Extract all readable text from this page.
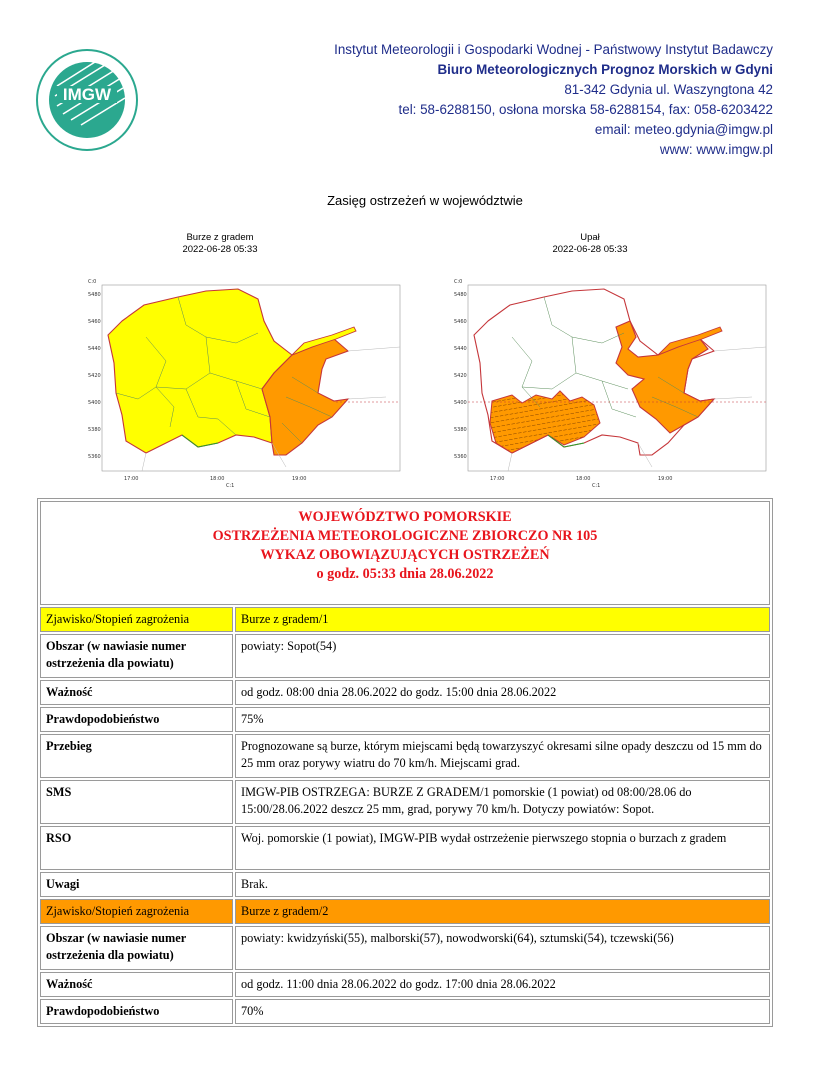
IMGW
Instytut Meteorologii i Gospodarki Wodnej - Państwowy Instytut Badawczy
Biuro Meteorologicznych Prognoz Morskich w Gdyni
81-342 Gdynia ul. Waszyngtona 42
tel: 58-6288150, osłona morska 58-6288154, fax: 058-6203422
email: meteo.gdynia@imgw.pl
www: www.imgw.pl
Zasięg ostrzeżeń w województwie
Burze z gradem
2022-06-28 05:33
Upał
2022-06-28 05:33
C:0
5480
5460
5440
5420
5400
5380
5360
17:00	18:00	19:00
C:1
C:0
5480
5460
5440
5420
5400
5380
5360
17:00	18:00	19:00
C:1
WOJEWÓDZTWO POMORSKIE
OSTRZEŻENIA METEOROLOGICZNE ZBIORCZO NR 105
WYKAZ OBOWIĄZUJĄCYCH OSTRZEŻEŃ
o godz. 05:33 dnia 28.06.2022	

Zjawisko/Stopień zagrożenia	Burze z gradem/1
Obszar (w nawiasie numer ostrzeżenia dla powiatu)	powiaty: Sopot(54)
Ważność	od godz. 08:00 dnia 28.06.2022 do godz. 15:00 dnia 28.06.2022
Prawdopodobieństwo	75%
Przebieg	Prognozowane są burze, którym miejscami będą towarzyszyć okresami silne opady deszczu od 15 mm do 25 mm oraz porywy wiatru do 70 km/h. Miejscami grad.
SMS	IMGW-PIB OSTRZEGA: BURZE Z GRADEM/1 pomorskie (1 powiat) od 08:00/28.06 do 15:00/28.06.2022 deszcz 25 mm, grad, porywy 70 km/h. Dotyczy powiatów: Sopot.
RSO	Woj. pomorskie (1 powiat), IMGW-PIB wydał ostrzeżenie pierwszego stopnia o burzach z gradem
Uwagi	Brak.
Zjawisko/Stopień zagrożenia	Burze z gradem/2
Obszar (w nawiasie numer ostrzeżenia dla powiatu)	powiaty: kwidzyński(55), malborski(57), nowodworski(64), sztumski(54), tczewski(56)
Ważność	od godz. 11:00 dnia 28.06.2022 do godz. 17:00 dnia 28.06.2022
Prawdopodobieństwo	70%
